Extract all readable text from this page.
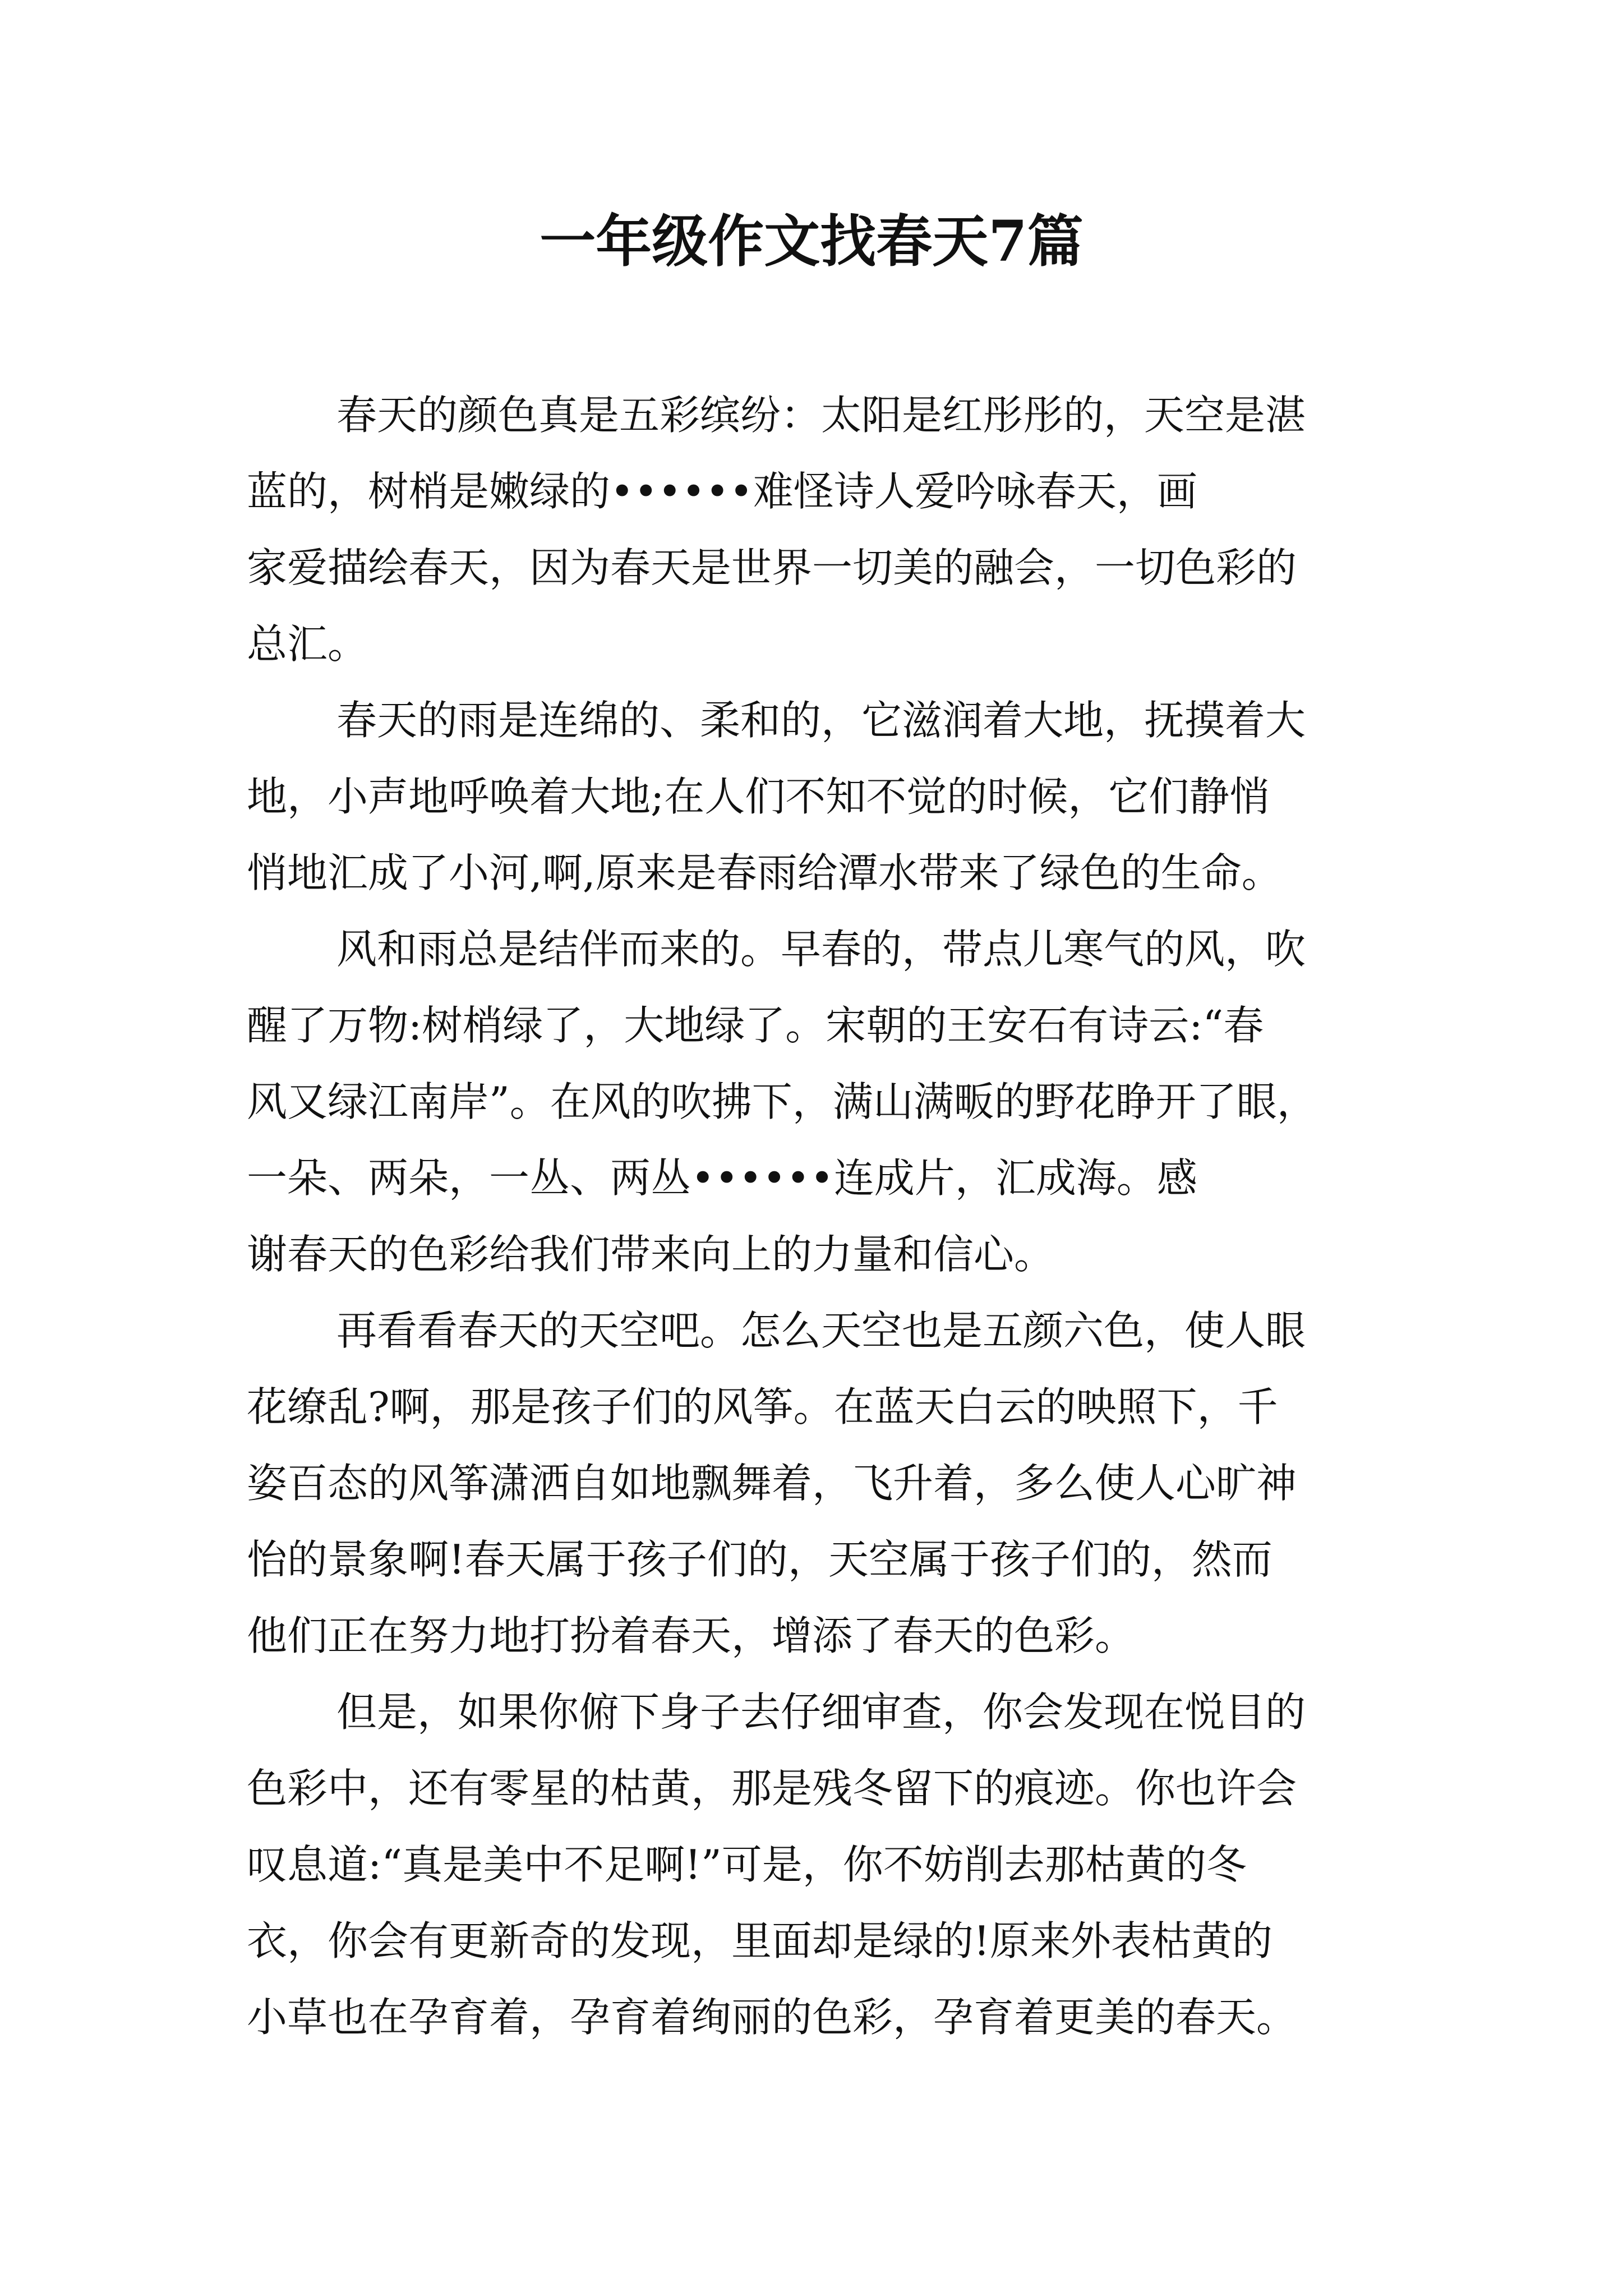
一年级作文找春天7篇

春天的颜色真是五彩缤纷：太阳是红彤彤的，天空是湛
蓝的，树梢是嫩绿的••••••难怪诗人爱吟咏春天，画
家爱描绘春天，因为春天是世界一切美的融会，一切色彩的
总汇。

春天的雨是连绵的、柔和的，它滋润着大地，抚摸着大
地，小声地呼唤着大地;在人们不知不觉的时候，它们静悄
悄地汇成了小河,啊,原来是春雨给潭水带来了绿色的生命。

风和雨总是结伴而来的。早春的，带点儿寒气的风，吹
醒了万物:树梢绿了，大地绿了。宋朝的王安石有诗云:“春
风又绿江南岸”。在风的吹拂下，满山满畈的野花睁开了眼，
一朵、两朵，一丛、两丛••••••连成片，汇成海。感
谢春天的色彩给我们带来向上的力量和信心。

再看看春天的天空吧。怎么天空也是五颜六色，使人眼
花缭乱?啊，那是孩子们的风筝。在蓝天白云的映照下，千
姿百态的风筝潇洒自如地飘舞着，飞升着，多么使人心旷神
怡的景象啊!春天属于孩子们的，天空属于孩子们的，然而
他们正在努力地打扮着春天，增添了春天的色彩。

但是，如果你俯下身子去仔细审查，你会发现在悦目的
色彩中，还有零星的枯黄，那是残冬留下的痕迹。你也许会
叹息道:“真是美中不足啊!”可是，你不妨削去那枯黄的冬
衣，你会有更新奇的发现，里面却是绿的!原来外表枯黄的
小草也在孕育着，孕育着绚丽的色彩，孕育着更美的春天。
